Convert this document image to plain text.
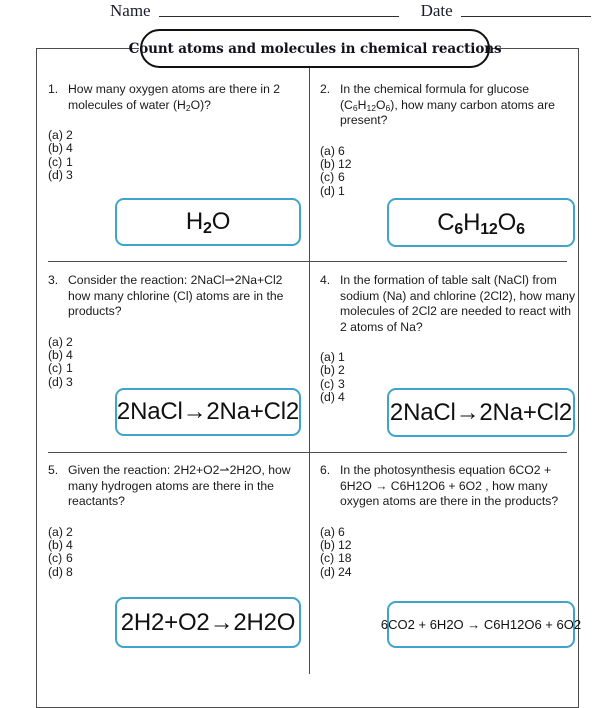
Name	Date
Count atoms and molecules in chemical reactions
1. How many oxygen atoms are there in 2 molecules of water $(H_2O)$?
(a) 2
(b) 4
(c) 1
(d) 3
2. In the chemical formula for glucose $(C_6H_{12}O_6)$, how many carbon atoms are present?
(a) 6
(b) 12
(c) 6
(d) 1
3. Consider the reaction: 2NaCl⇀2Na+Cl2 how many chlorine (Cl) atoms are in the products?
(a) 2
(b) 4
(c) 1
(d) 3
4. In the formation of table salt (NaCl) from sodium (Na) and chlorine (2Cl2), how many molecules of 2Cl2 are needed to react with 2 atoms of Na?
(a) 1
(b) 2
(c) 3
(d) 4
5. Given the reaction: 2H2+O2⇀2H2O, how many hydrogen atoms are there in the reactants?
(a) 2
(b) 4
(c) 6
(d) 8
6. In the photosynthesis equation 6CO2 + 6H2O → C6H12O6 + 6O2 , how many oxygen atoms are there in the products?
(a) 6
(b) 12
(c) 18
(d) 24
$H_2O$	$C_6H_{12}O_6$
2NaCl→2Na+Cl2	2NaCl→2Na+Cl2
2H2+O2→2H2O	6CO2 + 6H2O → C6H12O6 + 6O2
